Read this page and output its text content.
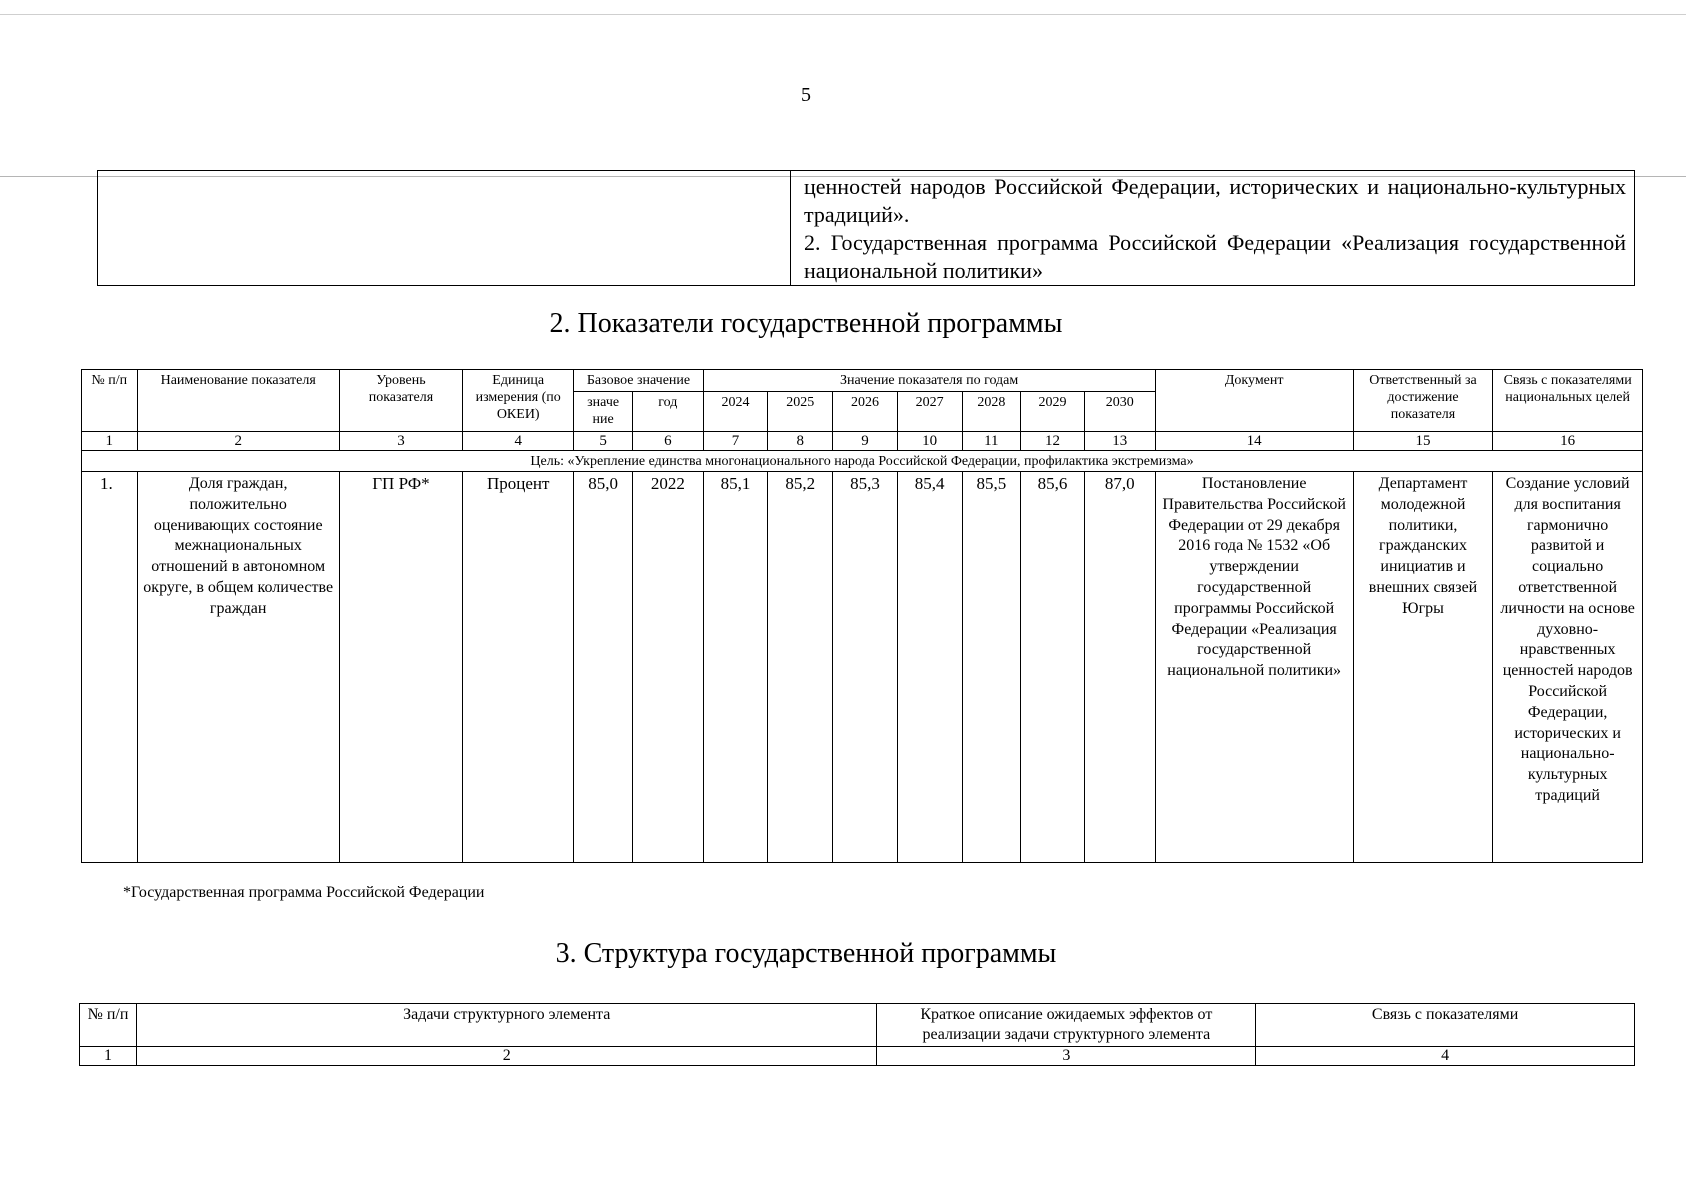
5

ценностей народов Российской Федерации, исторических и национально-культурных традиций».
2. Государственная программа Российской Федерации «Реализация государственной национальной политики»
2. Показатели государственной программы
№ п/п	Наименование показателя	Уровень показателя	Единица измерения (по ОКЕИ)	Базовое значение		Значение показателя по годам							Документ	Ответственный за достижение показателя	Связь с показателями национальных целей
				значе ние	год	2024	2025	2026	2027	2028	2029	2030			
1	2	3	4	5	6	7	8	9	10	11	12	13	14	15	16
Цель: «Укрепление единства многонационального народа Российской Федерации, профилактика экстремизма»															
1.	Доля граждан, положительно оценивающих состояние межнациональных отношений в автономном округе, в общем количестве граждан	ГП РФ*	Процент	85,0	2022	85,1	85,2	85,3	85,4	85,5	85,6	87,0	Постановление Правительства Российской Федерации от 29 декабря 2016 года № 1532 «Об утверждении государственной программы Российской Федерации «Реализация государственной национальной политики»	Департамент молодежной политики, гражданских инициатив и внешних связей Югры	Создание условий для воспитания гармонично развитой и социально ответственной личности на основе духовно-нравственных ценностей народов Российской Федерации, исторических и национально-культурных традиций
*Государственная программа Российской Федерации
3. Структура государственной программы
№ п/п	Задачи структурного элемента	Краткое описание ожидаемых эффектов от реализации задачи структурного элемента	Связь с показателями
1	2	3	4
